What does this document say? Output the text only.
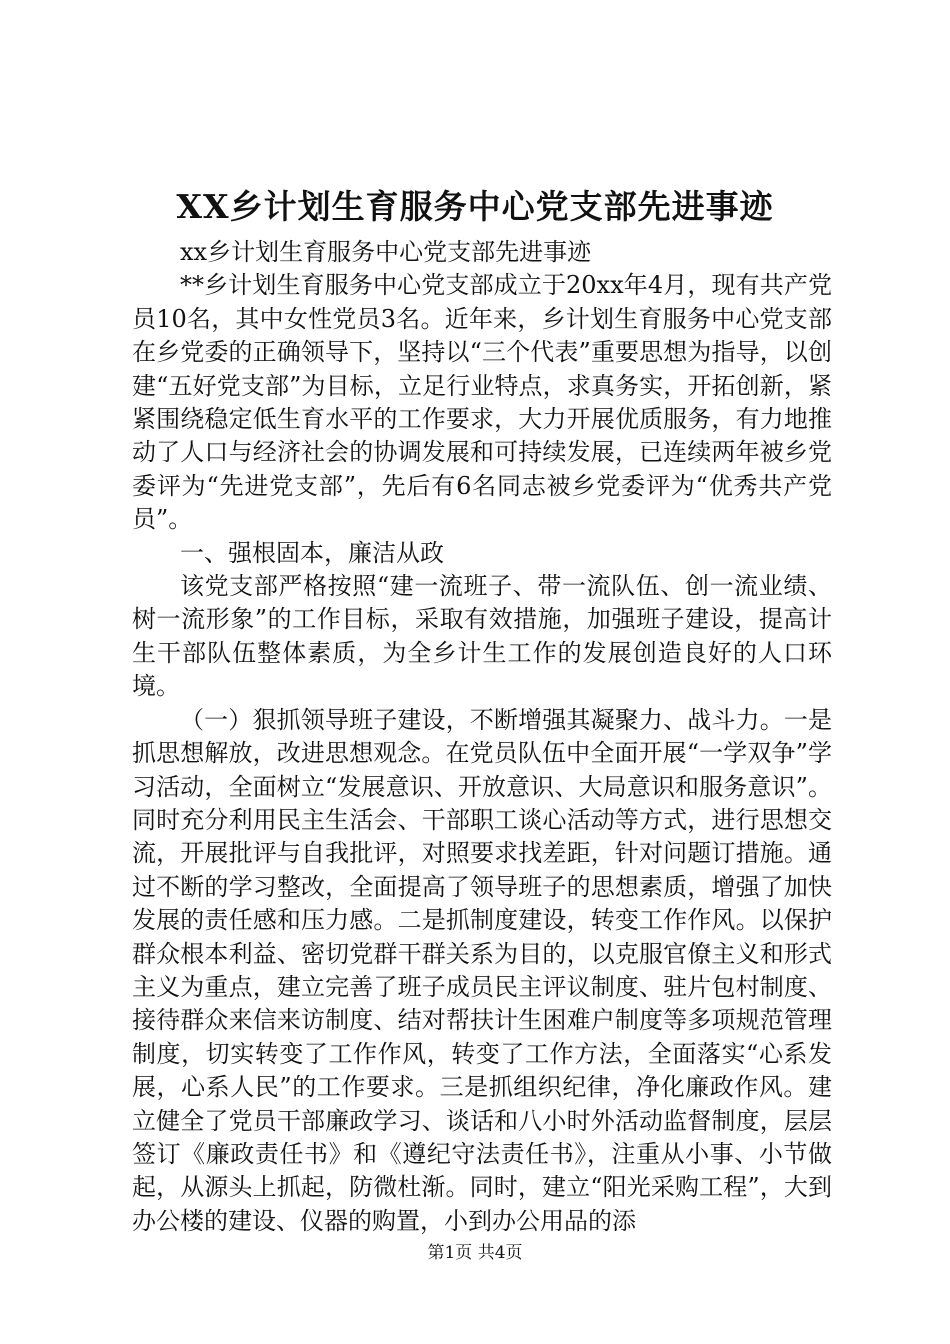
XX乡计划生育服务中心党支部先进事迹

xx乡计划生育服务中心党支部先进事迹

**乡计划生育服务中心党支部成立于20xx年4月，现有共产党员10名，其中女性党员3名。近年来，乡计划生育服务中心党支部在乡党委的正确领导下，坚持以“三个代表”重要思想为指导，以创建“五好党支部”为目标，立足行业特点，求真务实，开拓创新，紧紧围绕稳定低生育水平的工作要求，大力开展优质服务，有力地推动了人口与经济社会的协调发展和可持续发展，已连续两年被乡党委评为“先进党支部”，先后有6名同志被乡党委评为“优秀共产党员”。

一、强根固本，廉洁从政

该党支部严格按照“建一流班子、带一流队伍、创一流业绩、树一流形象”的工作目标，采取有效措施，加强班子建设，提高计生干部队伍整体素质，为全乡计生工作的发展创造良好的人口环境。

（一）狠抓领导班子建设，不断增强其凝聚力、战斗力。一是抓思想解放，改进思想观念。在党员队伍中全面开展“一学双争”学习活动，全面树立“发展意识、开放意识、大局意识和服务意识”。同时充分利用民主生活会、干部职工谈心活动等方式，进行思想交流，开展批评与自我批评，对照要求找差距，针对问题订措施。通过不断的学习整改，全面提高了领导班子的思想素质，增强了加快发展的责任感和压力感。二是抓制度建设，转变工作作风。以保护群众根本利益、密切党群干群关系为目的，以克服官僚主义和形式主义为重点，建立完善了班子成员民主评议制度、驻片包村制度、接待群众来信来访制度、结对帮扶计生困难户制度等多项规范管理制度，切实转变了工作作风，转变了工作方法，全面落实“心系发展，心系人民”的工作要求。三是抓组织纪律，净化廉政作风。建立健全了党员干部廉政学习、谈话和八小时外活动监督制度，层层签订《廉政责任书》和《遵纪守法责任书》，注重从小事、小节做起，从源头上抓起，防微杜渐。同时，建立“阳光采购工程”，大到办公楼的建设、仪器的购置，小到办公用品的添

第1页 共4页
